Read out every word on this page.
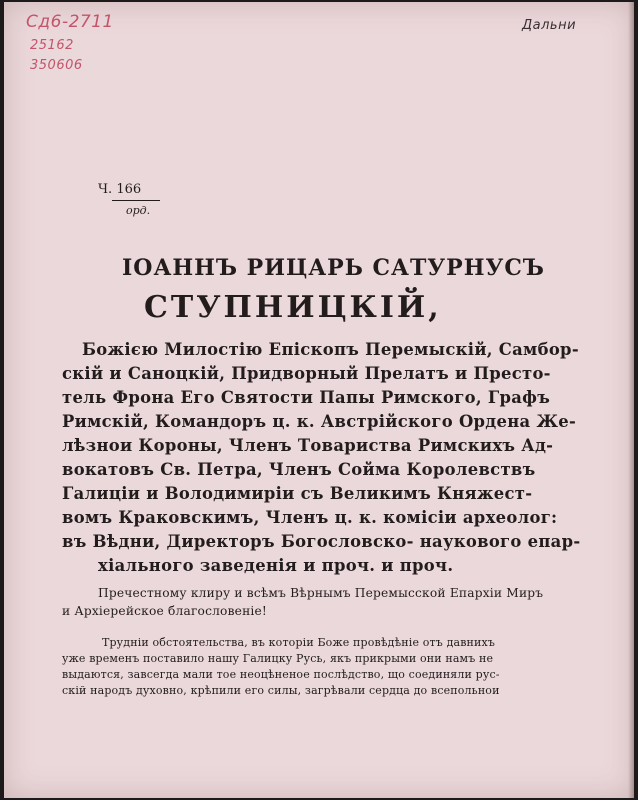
Сд6-2711
25162
350606
Дальни
Ч. 166
орд.
ІОАННЪ РИЦАРЬ САТУРНУСЪ
СТУПНИЦКІЙ,
Божією Милостію Епіскопъ Перемыскій, Самбор-
скій и Саноцкій, Придворный Прелатъ и Престо-
тель Фрона Его Святости Папы Римского, Графъ
Римскій, Командоръ ц. к. Австрійского Ордена Же-
лѣзнои Короны, Членъ Товариства Римскихъ Ад-
вокатовъ Св. Петра, Членъ Сойма Королевствъ
Галиціи и Володимиріи съ Великимъ Княжест-
вомъ Краковскимъ, Членъ ц. к. комісіи археолог:
въ Вѣдни, Директоръ Богословско- наукового епар-
хіального заведенія и проч. и проч.
Пречестному клиру и всѣмъ Вѣрнымъ Перемысской Епархіи Миръ
и Архіерейское благословеніе!
Трудніи обстоятельства, въ которіи Боже провѣдѣніе отъ давнихъ
уже временъ поставило нашу Галицку Русь, якъ прикрыми они намъ не
выдаются, завсегда мали тое неоцѣненое послѣдство, що соединяли рус-
скій народъ духовно, крѣпили его силы, загрѣвали сердца до всепольнои
